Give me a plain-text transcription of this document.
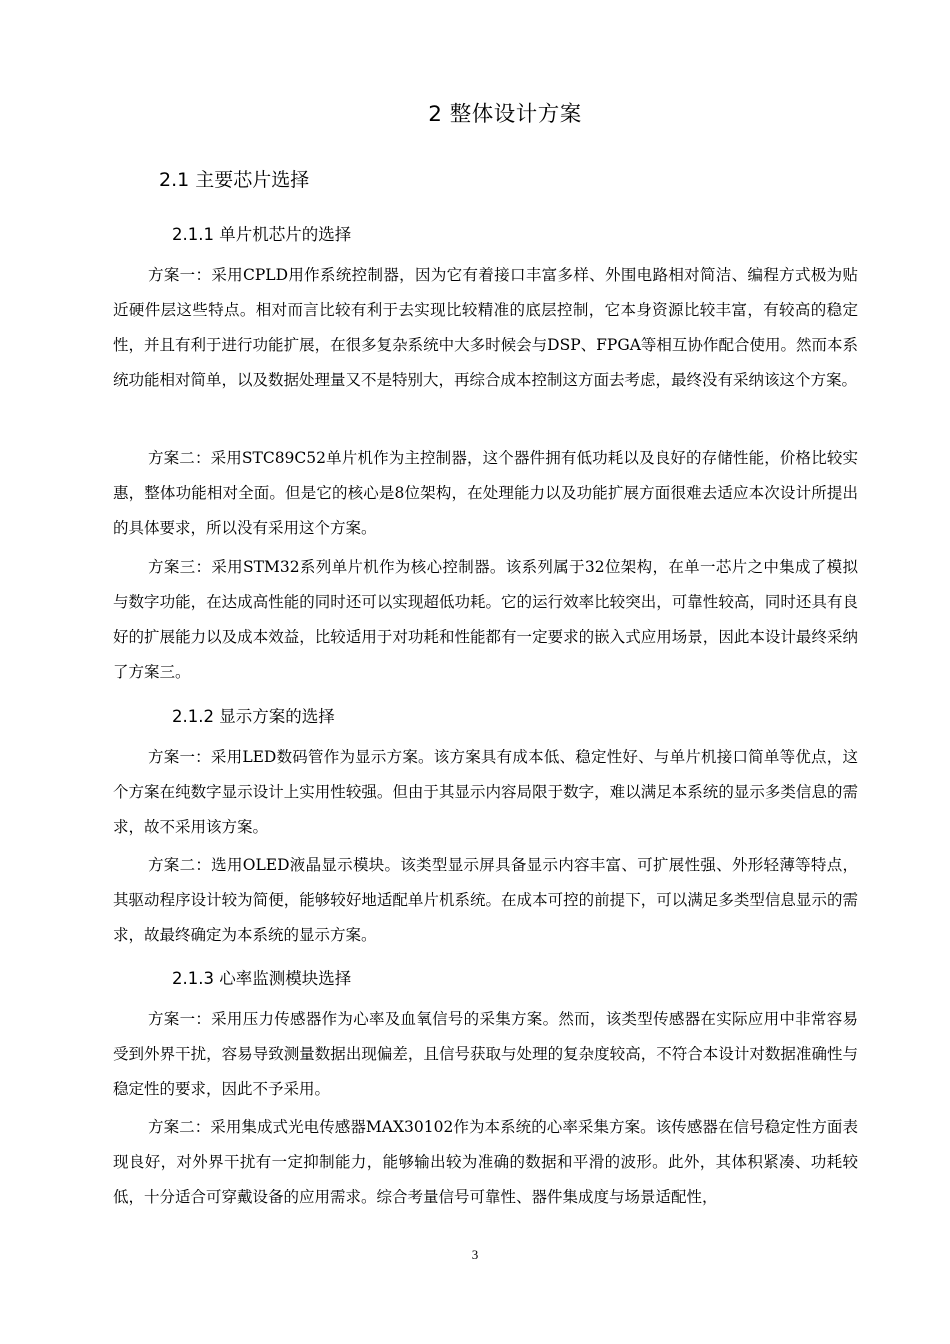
2 整体设计方案
2.1 主要芯片选择
2.1.1 单片机芯片的选择

方案一：采用CPLD用作系统控制器，因为它有着接口丰富多样、外围电路相对简洁、编程方式极为贴近硬件层这些特点。相对而言比较有利于去实现比较精准的底层控制，它本身资源比较丰富，有较高的稳定性，并且有利于进行功能扩展，在很多复杂系统中大多时候会与DSP、FPGA等相互协作配合使用。然而本系统功能相对简单，以及数据处理量又不是特别大，再综合成本控制这方面去考虑，最终没有采纳该这个方案。

方案二：采用STC89C52单片机作为主控制器，这个器件拥有低功耗以及良好的存储性能，价格比较实惠，整体功能相对全面。但是它的核心是8位架构，在处理能力以及功能扩展方面很难去适应本次设计所提出的具体要求，所以没有采用这个方案。

方案三：采用STM32系列单片机作为核心控制器。该系列属于32位架构，在单一芯片之中集成了模拟与数字功能，在达成高性能的同时还可以实现超低功耗。它的运行效率比较突出，可靠性较高，同时还具有良好的扩展能力以及成本效益，比较适用于对功耗和性能都有一定要求的嵌入式应用场景，因此本设计最终采纳了方案三。

2.1.2 显示方案的选择

方案一：采用LED数码管作为显示方案。该方案具有成本低、稳定性好、与单片机接口简单等优点，这个方案在纯数字显示设计上实用性较强。但由于其显示内容局限于数字，难以满足本系统的显示多类信息的需求，故不采用该方案。

方案二：选用OLED液晶显示模块。该类型显示屏具备显示内容丰富、可扩展性强、外形轻薄等特点，其驱动程序设计较为简便，能够较好地适配单片机系统。在成本可控的前提下，可以满足多类型信息显示的需求，故最终确定为本系统的显示方案。

2.1.3 心率监测模块选择

方案一：采用压力传感器作为心率及血氧信号的采集方案。然而，该类型传感器在实际应用中非常容易受到外界干扰，容易导致测量数据出现偏差，且信号获取与处理的复杂度较高，不符合本设计对数据准确性与稳定性的要求，因此不予采用。

方案二：采用集成式光电传感器MAX30102作为本系统的心率采集方案。该传感器在信号稳定性方面表现良好，对外界干扰有一定抑制能力，能够输出较为准确的数据和平滑的波形。此外，其体积紧凑、功耗较低，十分适合可穿戴设备的应用需求。综合考量信号可靠性、器件集成度与场景适配性，

3
